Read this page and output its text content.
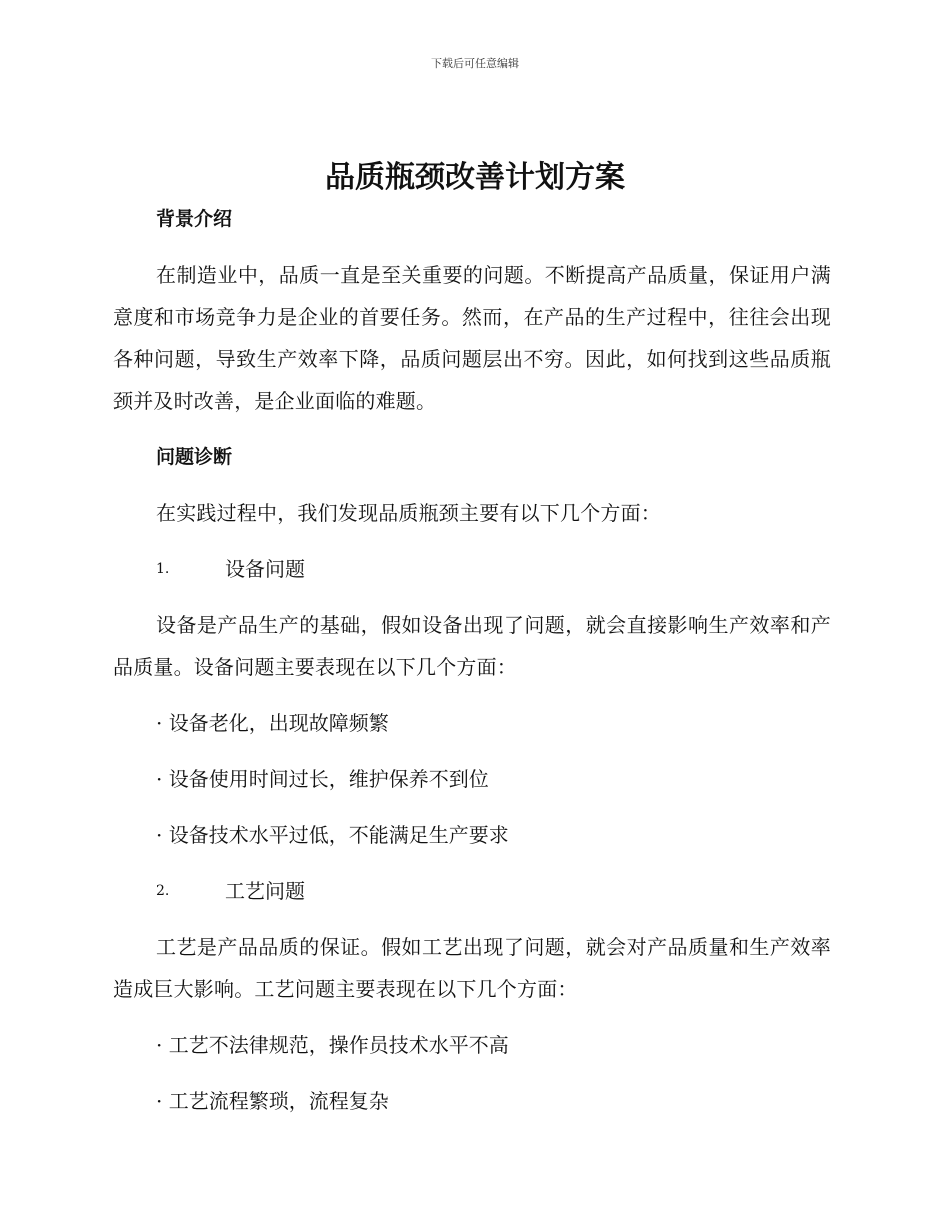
下载后可任意编辑
品质瓶颈改善计划方案
背景介绍

在制造业中，品质一直是至关重要的问题。不断提高产品质量，保证用户满意度和市场竞争力是企业的首要任务。然而，在产品的生产过程中，往往会出现各种问题，导致生产效率下降，品质问题层出不穷。因此，如何找到这些品质瓶颈并及时改善，是企业面临的难题。

问题诊断

在实践过程中，我们发现品质瓶颈主要有以下几个方面：

1.	设备问题

设备是产品生产的基础，假如设备出现了问题，就会直接影响生产效率和产品质量。设备问题主要表现在以下几个方面：

· 设备老化，出现故障频繁
· 设备使用时间过长，维护保养不到位
· 设备技术水平过低，不能满足生产要求
2.	工艺问题

工艺是产品品质的保证。假如工艺出现了问题，就会对产品质量和生产效率造成巨大影响。工艺问题主要表现在以下几个方面：

· 工艺不法律规范，操作员技术水平不高
· 工艺流程繁琐，流程复杂
